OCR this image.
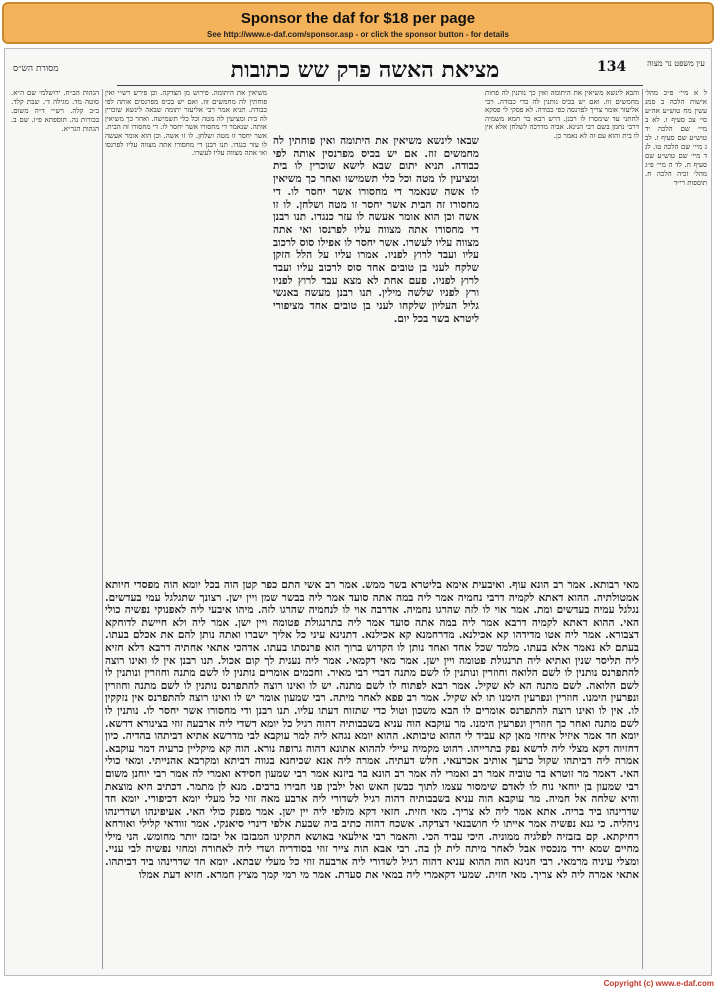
Sponsor the daf for $18 per page
See http://www.e-daf.com/sponsor.asp - or click the sponsor button - for details
מסורת הש״ס	מציאת האשה פרק שש כתובות	134	עין משפט נר מצוה
ל א מיי׳ פ״כ מהל׳ אישות הלכה ב סמג עשין מח טוש״ע אה״ע סי׳ צב סעיף ו. לא ב מיי׳ שם הלכה יד טוש״ע שם סעיף ז. לב ג מיי׳ שם הלכה טו. לג ד מיי׳ שם טוש״ע שם סעיף ח. לד ה מיי׳ פ״ג מהל׳ זכיה הלכה ח. תוספות רי״ד
והבא לינשא משיאין את היתומה ואין כך נותנין לה פחות מחמשים זוז. ואם יש בכיס נותנין לה כדי כבודה. רבי אליעזר אומר צריך לפרנסה כפי כבודה. לא פסקי לי פסקא לחתני עד שימסרו לו רבנן. דרש רבא בר חמא משמיה דרבי נחמן בשם רבי הנינא. אביה מדרכה לשלחן אלא אין לו בית והוא עם זה לא נאמר כן.
משיאין את היתומה. פירוש מן הצדקה. וכן פירש רש״י ואין פוחתין לה מחמשים זוז. ואם יש בכיס מפרנסים אותה לפי כבודה. תניא אמר רבי אליעזר יתומה שבאה לינשא שוכרין לה בית ומציעין לה מטה וכל כלי תשמישה. ואחר כך משיאין אותה. שנאמר די מחסורו אשר יחסר לו. די מחסורו זה הבית. אשר יחסר זו מטה ושלחן. לו זו אשה. וכן הוא אומר אעשה לו עזר כנגדו. תנו רבנן די מחסורו אתה מצווה עליו לפרנסו ואי אתה מצווה עליו לעשרו.
הגהות הב״ח. ירושלמי שם ה״א. סוטה מד. מגילה ד׳. שבת קלד. ב״ב קלה. רש״י ד״ה משום. בכורות נה. תוספתא פ״ו. שם ב. הגהות הגר״א.
שבאו לינשא משיאין את היתומה ואין פוחתין לה מחמשים זוז. אם יש בכיס מפרנסין אותה לפי כבודה. תניא יתום שבא לישא שוכרין לו בית ומציעין לו מטה וכל כלי תשמישו ואחר כך משיאין לו אשה שנאמר די מחסורו אשר יחסר לו. די מחסורו זה הבית אשר יחסר זו מטה ושלחן. לו זו אשה וכן הוא אומר אעשה לו עזר כנגדו. תנו רבנן די מחסורו אתה מצווה עליו לפרנסו ואי אתה מצווה עליו לעשרו. אשר יחסר לו אפילו סוס לרכוב עליו ועבד לרוץ לפניו. אמרו עליו על הלל הזקן שלקח לעני בן טובים אחד סוס לרכוב עליו ועבד לרוץ לפניו. פעם אחת לא מצא עבד לרוץ לפניו ורץ לפניו שלשה מילין. תנו רבנן מעשה באנשי גליל העליון שלקחו לעני בן טובים אחד מציפורי ליטרא בשר בכל יום.
מאי רבותא. אמר רב הונא עוף. ואיבעית אימא בליטרא בשר ממש. אמר רב אשי התם כפר קטן הוה בכל יומא הוה מפסדי חיותא אמטולתיה. ההוא דאתא לקמיה דרבי נחמיה אמר ליה במה אתה סועד אמר ליה בבשר שמן ויין ישן. רצונך שתגלגל עמי בעדשים. נגלגל עמיה בעדשים ומת. אמר אוי לו לזה שהרגו נחמיה. אדרבה אוי לו לנחמיה שהרגו לזה. מיהו איבעי ליה לאפנוקי נפשיה כולי האי. ההוא דאתא לקמיה דרבא אמר ליה במה אתה סועד אמר ליה בתרנגולת פטומה ויין ישן. אמר ליה ולא חיישת לדוחקא דצבורא. אמר ליה אטו מדידהו קא אכילנא. מדרחמנא קא אכילנא. דתנינא עיני כל אליך ישברו ואתה נותן להם את אכלם בעתו. בעתם לא נאמר אלא בעתו. מלמד שכל אחד ואחד נותן לו הקדוש ברוך הוא פרנסתו בעתו. אדהכי אתאי אחתיה דרבא דלא חזיא ליה תליסר שנין ואתיא ליה תרנגולת פטומה ויין ישן. אמר מאי דקמאי. אמר ליה נענית לך קום אכול. תנו רבנן אין לו ואינו רוצה להתפרנס נותנין לו לשם הלואה וחוזרין ונותנין לו לשם מתנה דברי רבי מאיר. וחכמים אומרים נותנין לו לשם מתנה וחוזרין ונותנין לו לשם הלואה. לשם מתנה הא לא שקיל. אמר רבא לפתוח לו לשם מתנה. יש לו ואינו רוצה להתפרנס נותנין לו לשם מתנה וחוזרין ונפרעין הימנו. חוזרין ונפרעין הימנו תו לא שקיל. אמר רב פפא לאחר מיתה. רבי שמעון אומר יש לו ואינו רוצה להתפרנס אין נזקקין לו. אין לו ואינו רוצה להתפרנס אומרים לו הבא משכון וטול כדי שתזוח דעתו עליו. תנו רבנן ודי מחסורו אשר יחסר לו. נותנין לו לשם מתנה ואחר כך חוזרין ונפרעין הימנו. מר עוקבא הוה עניא בשבבותיה דהוה רגיל כל יומא דשדי ליה ארבעה זוזי בצינורא דדשא. יומא חד אמר איזיל איחזי מאן קא עביד לי ההוא טיבותא. ההוא יומא נגהא ליה למר עוקבא לבי מדרשא אתיא דביתהו בהדיה. כיון דחזיוה דקא מצלי ליה לדשא נפק בתרייהו. רהוט מקמיה עיילי לההוא אתונא דהוה גרופה נורא. הוה קא מיקליין כרעיה דמר עוקבא. אמרה ליה דביתהו שקול כרעך אותיב אכרעאי. חלש דעתיה. אמרה ליה אנא שכיחנא בגווה דביתא ומקרבא אהנייתי. ומאי כולי האי. דאמר מר זוטרא בר טוביה אמר רב ואמרי לה אמר רב הונא בר ביזנא אמר רבי שמעון חסידא ואמרי לה אמר רבי יוחנן משום רבי שמעון בן יוחאי נוח לו לאדם שימסור עצמו לתוך כבשן האש ואל ילבין פני חבירו ברבים. מנא לן מתמר. דכתיב היא מוצאת והיא שלחה אל חמיה. מר עוקבא הוה עניא בשבבותיה דהוה רגיל לשדורי ליה ארבע מאה זוזי כל מעלי יומא דכיפורי. יומא חד שדרינהו ביד בריה. אתא אמר ליה לא צריך. מאי חזית. חזאי דקא מזלפי ליה יין ישן. אמר מפנק כולי האי. אעיפינהו ושדרינהו ניהליה. כי גנא נפשיה אמר אייתו לי חושבנאי דצדקה. אשכח דהוה כתיב ביה שבעת אלפי דינרי סיאנקי. אמר זוודאי קלילי ואורחא רחיקתא. קם בזבזיה לפלגיה ממוניה. היכי עביד הכי. והאמר רבי אילעאי באושא התקינו המבזבז אל יבזבז יותר מחומש. הני מילי מחיים שמא ירד מנכסיו אבל לאחר מיתה לית לן בה. רבי אבא הוה צייר זוזי בסודריה ושדי ליה לאחורה ומחזי נפשיה לבי עניי. ומצלי עיניה מרמאי. רבי חנינא הוה ההוא עניא דהוה רגיל לשדורי ליה ארבעה זוזי כל מעלי שבתא. יומא חד שדרינהו ביד דביתהו. אתאי אמרה ליה לא צריך. מאי חזית. שמעי דקאמרי ליה במאי את סעדת. אמר מי רמי קמך מציץ חמרא. חזיא דעת אמלו
Copyright (c) www.e-daf.com
